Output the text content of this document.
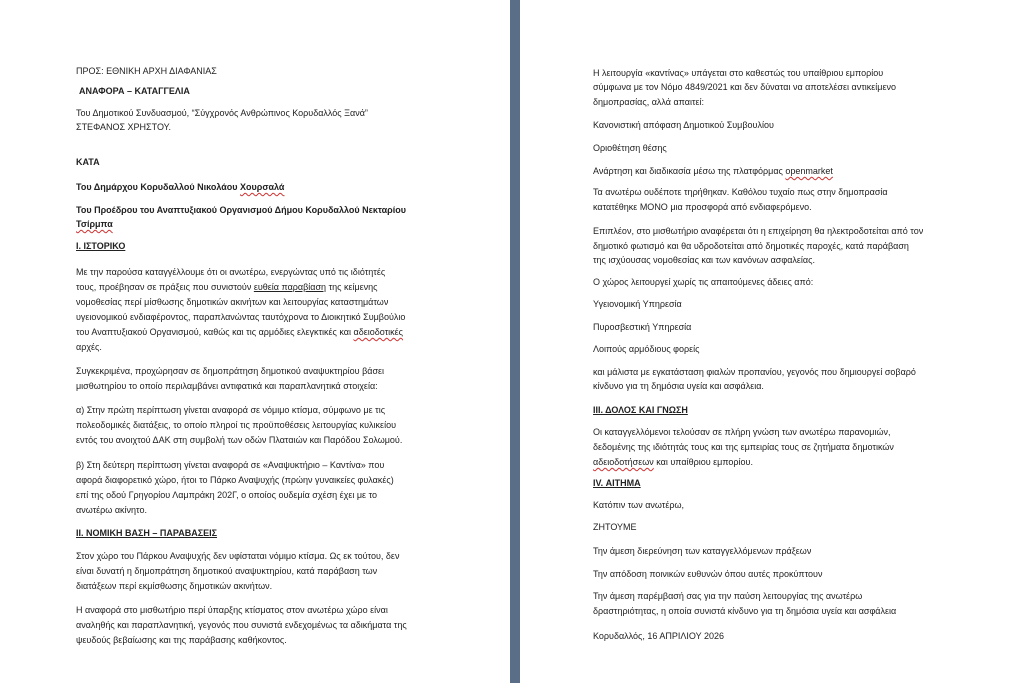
ΠΡΟΣ: ΕΘΝΙΚΗ ΑΡΧΗ ΔΙΑΦΑΝΙΑΣ
ΑΝΑΦΟΡΑ – ΚΑΤΑΓΓΕΛΙΑ
Του Δημοτικού Συνδυασμού, “Σύγχρονός Ανθρώπινος Κορυδαλλός Ξανά”
ΣΤΕΦΑΝΟΣ ΧΡΗΣΤΟΥ.
ΚΑΤΑ
Του Δημάρχου Κορυδαλλού Νικολάου Χουρσαλά
Του Προέδρου του Αναπτυξιακού Οργανισμού Δήμου Κορυδαλλού Νεκταρίου
Τσίρμπα
Ι. ΙΣΤΟΡΙΚΟ
Με την παρούσα καταγγέλλουμε ότι οι ανωτέρω, ενεργώντας υπό τις ιδιότητές
τους, προέβησαν σε πράξεις που συνιστούν ευθεία παραβίαση της κείμενης
νομοθεσίας περί μίσθωσης δημοτικών ακινήτων και λειτουργίας καταστημάτων
υγειονομικού ενδιαφέροντος, παραπλανώντας ταυτόχρονα το Διοικητικό Συμβούλιο
του Αναπτυξιακού Οργανισμού, καθώς και τις αρμόδιες ελεγκτικές και αδειοδοτικές
αρχές.
Συγκεκριμένα, προχώρησαν σε δημοπράτηση δημοτικού αναψυκτηρίου βάσει
μισθωτηρίου το οποίο περιλαμβάνει αντιφατικά και παραπλανητικά στοιχεία:
α) Στην πρώτη περίπτωση γίνεται αναφορά σε νόμιμο κτίσμα, σύμφωνο με τις
πολεοδομικές διατάξεις, το οποίο πληροί τις προϋποθέσεις λειτουργίας κυλικείου
εντός του ανοιχτού ΔΑΚ στη συμβολή των οδών Πλαταιών και Παρόδου Σολωμού.
β) Στη δεύτερη περίπτωση γίνεται αναφορά σε «Αναψυκτήριο – Καντίνα» που
αφορά διαφορετικό χώρο, ήτοι το Πάρκο Αναψυχής (πρώην γυναικείες φυλακές)
επί της οδού Γρηγορίου Λαμπράκη 202Γ, ο οποίος ουδεμία σχέση έχει με το
ανωτέρω ακίνητο.
ΙΙ. ΝΟΜΙΚΗ ΒΑΣΗ – ΠΑΡΑΒΑΣΕΙΣ
Στον χώρο του Πάρκου Αναψυχής δεν υφίσταται νόμιμο κτίσμα. Ως εκ τούτου, δεν
είναι δυνατή η δημοπράτηση δημοτικού αναψυκτηρίου, κατά παράβαση των
διατάξεων περί εκμίσθωσης δημοτικών ακινήτων.
Η αναφορά στο μισθωτήριο περί ύπαρξης κτίσματος στον ανωτέρω χώρο είναι
αναληθής και παραπλανητική, γεγονός που συνιστά ενδεχομένως τα αδικήματα της
ψευδούς βεβαίωσης και της παράβασης καθήκοντος.
Η λειτουργία «καντίνας» υπάγεται στο καθεστώς του υπαίθριου εμπορίου
σύμφωνα με τον Νόμο 4849/2021 και δεν δύναται να αποτελέσει αντικείμενο
δημοπρασίας, αλλά απαιτεί:
Κανονιστική απόφαση Δημοτικού Συμβουλίου
Οριοθέτηση θέσης
Ανάρτηση και διαδικασία μέσω της πλατφόρμας openmarket
Τα ανωτέρω ουδέποτε τηρήθηκαν. Καθόλου τυχαίο πως στην δημοπρασία
κατατέθηκε ΜΟΝΟ μια προσφορά από ενδιαφερόμενο.
Επιπλέον, στο μισθωτήριο αναφέρεται ότι η επιχείρηση θα ηλεκτροδοτείται από τον
δημοτικό φωτισμό και θα υδροδοτείται από δημοτικές παροχές, κατά παράβαση
της ισχύουσας νομοθεσίας και των κανόνων ασφαλείας.
Ο χώρος λειτουργεί χωρίς τις απαιτούμενες άδειες από:
Υγειονομική Υπηρεσία
Πυροσβεστική Υπηρεσία
Λοιπούς αρμόδιους φορείς
και μάλιστα με εγκατάσταση φιαλών προπανίου, γεγονός που δημιουργεί σοβαρό
κίνδυνο για τη δημόσια υγεία και ασφάλεια.
ΙΙΙ. ΔΟΛΟΣ ΚΑΙ ΓΝΩΣΗ
Οι καταγγελλόμενοι τελούσαν σε πλήρη γνώση των ανωτέρω παρανομιών,
δεδομένης της ιδιότητάς τους και της εμπειρίας τους σε ζητήματα δημοτικών
αδειοδοτήσεων και υπαίθριου εμπορίου.
IV. ΑΙΤΗΜΑ
Κατόπιν των ανωτέρω,
ΖΗΤΟΥΜΕ
Την άμεση διερεύνηση των καταγγελλόμενων πράξεων
Την απόδοση ποινικών ευθυνών όπου αυτές προκύπτουν
Την άμεση παρέμβασή σας για την παύση λειτουργίας της ανωτέρω
δραστηριότητας, η οποία συνιστά κίνδυνο για τη δημόσια υγεία και ασφάλεια
Κορυδαλλός, 16 ΑΠΡΙΛΙΟΥ 2026
